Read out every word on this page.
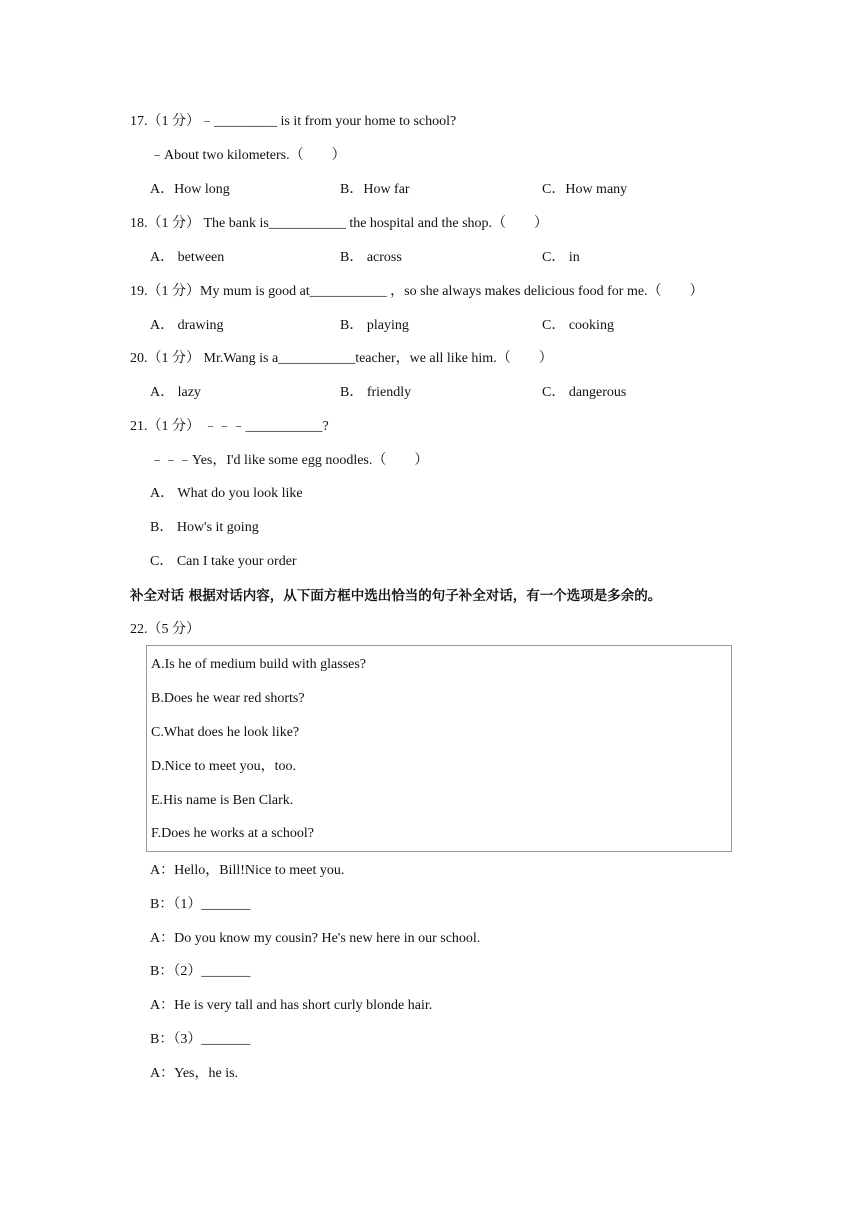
17.（1 分）﹣_________ is it from your home to school?
﹣About two kilometers.（　　）
A．How long	B．How far	C．How many
18.（1 分） The bank is___________ the hospital and the shop.（　　）
A． between	B． across	C． in
19.（1 分）My mum is good at___________ ，so she always makes delicious food for me.（　　）
A． drawing	B． playing	C． cooking
20.（1 分） Mr.Wang is a___________teacher，we all like him.（　　）
A． lazy	B． friendly	C． dangerous
21.（1 分） ﹣﹣﹣___________?
﹣﹣﹣Yes，I'd like some egg noodles.（　　）
A． What do you look like
B． How's it going
C． Can I take your order
补全对话 根据对话内容，从下面方框中选出恰当的句子补全对话，有一个选项是多余的。
22.（5 分）
A.Is he of medium build with glasses?
B.Does he wear red shorts?
C.What does he look like?
D.Nice to meet you，too.
E.His name is Ben Clark.
F.Does he works at a school?
A：Hello，Bill!Nice to meet you.
B：（1）_______
A：Do you know my cousin? He's new here in our school.
B：（2）_______
A：He is very tall and has short curly blonde hair.
B：（3）_______
A：Yes，he is.
